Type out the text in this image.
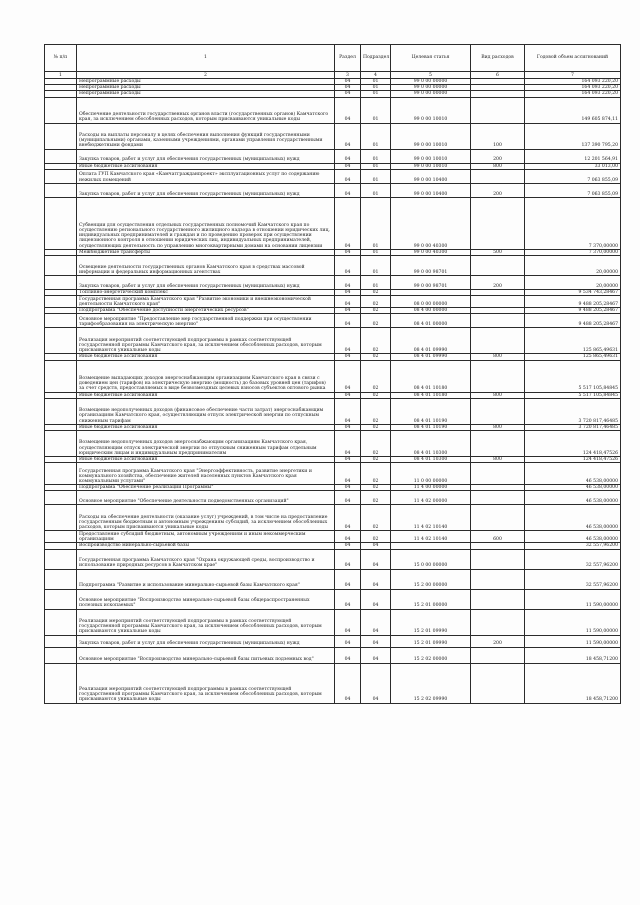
№ п/п	1	Раздел	Подраздел	Целевая статья	Вид расходов	Годовой объем ассигнований
1	2	3	4	5	6	7
	Непрограммные расходы	04	01	99 0 00 00000		164 093 220,20
	Непрограммные расходы	04	01	99 0 00 00000		164 093 220,20
	Непрограммные расходы	04	01	99 0 00 00000		164 093 220,20
	Обеспечение деятельности государственных органов власти (государственных органов) Камчатского края, за исключением обособленных расходов, которым присваиваются уникальные коды	04	01	99 0 00 10010		149 605 874,11
	Расходы на выплаты персоналу в целях обеспечения выполнения функций государственными (муниципальными) органами, казенными учреждениями, органами управления государственными внебюджетными фондами	04	01	99 0 00 10010	100	137 390 795,20
	Закупка товаров, работ и услуг для обеспечения государственных (муниципальных) нужд	04	01	99 0 00 10010	200	12 201 564,91
	Иные бюджетные ассигнования	04	01	99 0 00 10010	800	33 013,00
	Оплата ГУП Камчатского края «Камчатгражданпроект» эксплуатационных услуг по содержанию нежилых помещений	04	01	99 0 00 10400		7 063 855,09
	Закупка товаров, работ и услуг для обеспечения государственных (муниципальных) нужд	04	01	99 0 00 10400	200	7 063 855,09
	Субвенции для осуществления отдельных государственных полномочий Камчатского края по осуществлению регионального государственного жилищного надзора в отношении юридических лиц, индивидуальных предпринимателей и граждан и по проведению проверок при осуществлении лицензионного контроля в отношении юридических лиц, индивидуальных предпринимателей, осуществляющих деятельность по управлению многоквартирными домами на основании лицензии	04	01	99 0 00 40300		7 370,00000
	Межбюджетные трансферты	04	01	99 0 00 40300	500	7 370,00000
	Освещение деятельности государственных органов Камчатского края в средствах массовой информации и федеральных информационных агентствах	04	01	99 0 00 98701		20,00000
	Закупка товаров, работ и услуг для обеспечения государственных (муниципальных) нужд	04	01	99 0 00 98701	200	20,00000
	Топливно-энергетический комплекс	04	02			9 534 743,28467
	Государственная программа Камчатского края "Развитие экономики и внешнеэкономической деятельности Камчатского края"	04	02	08 0 00 00000		9 488 205,28467
	Подпрограмма "Обеспечение доступности энергетических ресурсов"	04	02	08 4 00 00000		9 488 205,28467
	Основное мероприятие "Предоставление мер государственной поддержки при осуществлении тарифообразования на электрическую энергию"	04	02	08 4 01 00000		9 488 205,28467
	Реализация мероприятий соответствующей подпрограммы в рамках соответствующей государственной программы Камчатского края, за исключением обособленных расходов, которым присваиваются уникальные коды	04	02	08 4 01 09990		125 865,49631
	Иные бюджетные ассигнования	04	02	08 4 01 09990	800	125 865,49631
	Возмещение выпадающих доходов энергоснабжающим организациям Камчатского края в связи с доведением цен (тарифов) на электрическую энергию (мощность) до базовых уровней цен (тарифов) за счет средств, предоставляемых в виде безвозмездных целевых взносов субъектов оптового рынка	04	02	08 4 01 10180		5 517 105,84845
	Иные бюджетные ассигнования	04	02	08 4 01 10180	800	5 517 105,84845
	Возмещение недополученных доходов (финансовое обеспечение части затрат) энергоснабжающим организациям Камчатского края, осуществляющим отпуск электрической энергии по отпускным сниженным тарифам	04	02	08 4 01 10190		3 720 817,46485
	Иные бюджетные ассигнования	04	02	08 4 01 10190	800	3 720 817,46485
	Возмещение недополученных доходов энергоснабжающим организациям Камчатского края, осуществляющим отпуск электрической энергии по отпускным сниженным тарифам отдельным юридическим лицам и индивидуальным предпринимателям	04	02	08 4 01 10300		124 418,47526
	Иные бюджетные ассигнования	04	02	08 4 01 10300	800	124 418,47526
	Государственная программа Камчатского края "Энергоэффективность, развитие энергетики и коммунального хозяйства, обеспечение жителей населенных пунктов Камчатского края коммунальными услугами"	04	02	11 0 00 00000		46 538,00000
	Подпрограмма "Обеспечение реализации Программы"	04	02	11 4 00 00000		46 538,00000
	Основное мероприятие "Обеспечение деятельности подведомственных организаций"	04	02	11 4 02 00000		46 538,00000
	Расходы на обеспечение деятельности (оказание услуг) учреждений, в том числе на предоставление государственным бюджетным и автономным учреждениям субсидий, за исключением обособленных расходов, которым присваиваются уникальные коды	04	02	11 4 02 10140		46 538,00000
	Предоставление субсидий бюджетным, автономным учреждениям и иным некоммерческим организациям	04	02	11 4 02 10140	600	46 538,00000
	Воспроизводство минерально-сырьевой базы	04	04			32 557,96200
	Государственная программа Камчатского края "Охрана окружающей среды, воспроизводство и использование природных ресурсов в Камчатском крае"	04	04	15 0 00 00000		32 557,96200
	Подпрограмма "Развитие и использование минерально-сырьевой базы Камчатского края"	04	04	15 2 00 00000		32 557,96200
	Основное мероприятие "Воспроизводство минерально-сырьевой базы общераспространенных полезных ископаемых"	04	04	15 2 01 00000		11 590,00000
	Реализация мероприятий соответствующей подпрограммы в рамках соответствующей государственной программы Камчатского края, за исключением обособленных расходов, которым присваиваются уникальные коды	04	04	15 2 01 09990		11 590,00000
	Закупка товаров, работ и услуг для обеспечения государственных (муниципальных) нужд	04	04	15 2 01 09990	200	11 590,00000
	Основное мероприятие "Воспроизводство минерально-сырьевой базы питьевых подземных вод"	04	04	15 2 02 00000		18 458,71200
	Реализация мероприятий соответствующей подпрограммы в рамках соответствующей государственной программы Камчатского края, за исключением обособленных расходов, которым присваиваются уникальные коды	04	04	15 2 02 09990		18 458,71200
